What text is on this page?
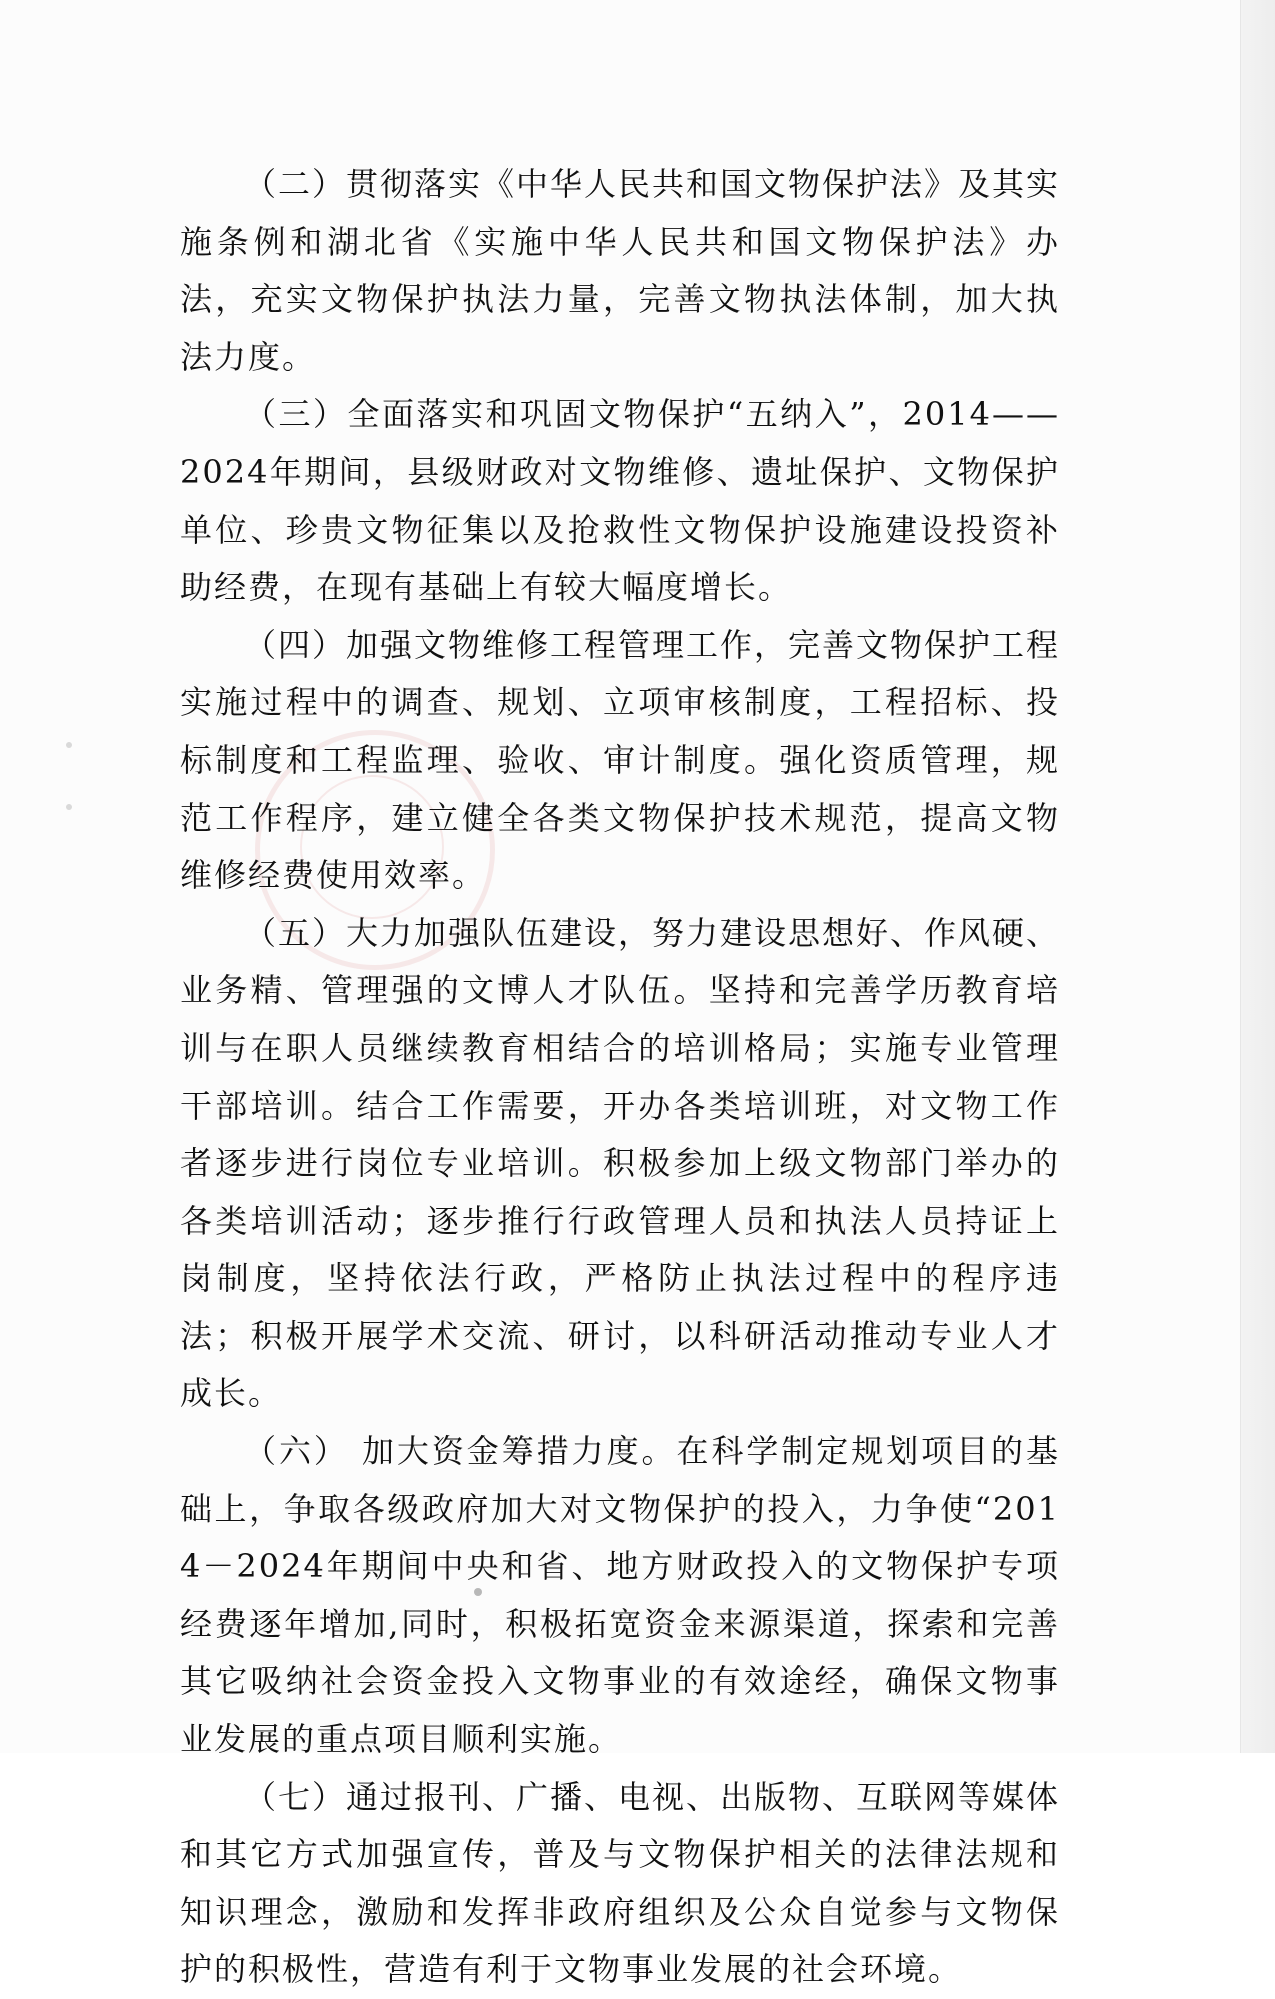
（二）贯彻落实《中华人民共和国文物保护法》及其实施条例和湖北省《实施中华人民共和国文物保护法》办法，充实文物保护执法力量，完善文物执法体制，加大执法力度。

（三）全面落实和巩固文物保护“五纳入”，2014——2024年期间，县级财政对文物维修、遗址保护、文物保护单位、珍贵文物征集以及抢救性文物保护设施建设投资补助经费，在现有基础上有较大幅度增长。

（四）加强文物维修工程管理工作，完善文物保护工程实施过程中的调查、规划、立项审核制度，工程招标、投标制度和工程监理、验收、审计制度。强化资质管理，规范工作程序，建立健全各类文物保护技术规范，提高文物维修经费使用效率。

（五）大力加强队伍建设，努力建设思想好、作风硬、业务精、管理强的文博人才队伍。坚持和完善学历教育培训与在职人员继续教育相结合的培训格局；实施专业管理干部培训。结合工作需要，开办各类培训班，对文物工作者逐步进行岗位专业培训。积极参加上级文物部门举办的各类培训活动；逐步推行行政管理人员和执法人员持证上岗制度，坚持依法行政，严格防止执法过程中的程序违法；积极开展学术交流、研讨，以科研活动推动专业人才成长。

（六） 加大资金筹措力度。在科学制定规划项目的基础上，争取各级政府加大对文物保护的投入，力争使“2014－2024年期间中央和省、地方财政投入的文物保护专项经费逐年增加,同时，积极拓宽资金来源渠道，探索和完善其它吸纳社会资金投入文物事业的有效途经，确保文物事业发展的重点项目顺利实施。

（七）通过报刊、广播、电视、出版物、互联网等媒体和其它方式加强宣传，普及与文物保护相关的法律法规和知识理念，激励和发挥非政府组织及公众自觉参与文物保护的积极性，营造有利于文物事业发展的社会环境。
